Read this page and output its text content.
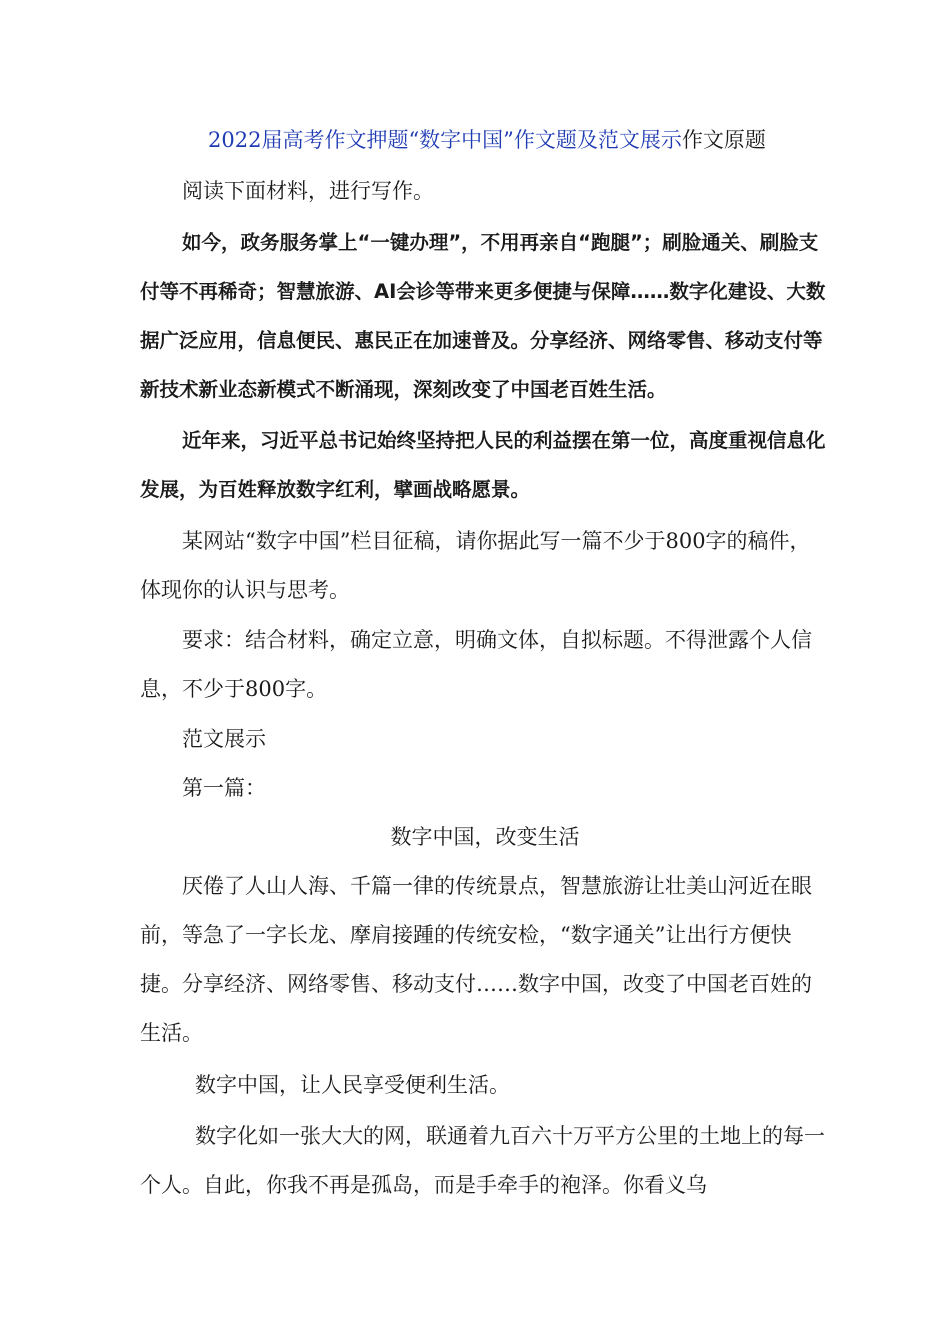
2022届高考作文押题“数字中国”作文题及范文展示作文原题

阅读下面材料，进行写作。

如今，政务服务掌上“一键办理”，不用再亲自“跑腿”；刷脸通关、刷脸支付等不再稀奇；智慧旅游、AI会诊等带来更多便捷与保障……数字化建设、大数据广泛应用，信息便民、惠民正在加速普及。分享经济、网络零售、移动支付等新技术新业态新模式不断涌现，深刻改变了中国老百姓生活。

近年来，习近平总书记始终坚持把人民的利益摆在第一位，高度重视信息化发展，为百姓释放数字红利，擘画战略愿景。

某网站“数字中国”栏目征稿，请你据此写一篇不少于800字的稿件，体现你的认识与思考。

要求：结合材料，确定立意，明确文体，自拟标题。不得泄露个人信息，不少于800字。

范文展示

第一篇：

数字中国，改变生活

厌倦了人山人海、千篇一律的传统景点，智慧旅游让壮美山河近在眼前，等急了一字长龙、摩肩接踵的传统安检，“数字通关”让出行方便快捷。分享经济、网络零售、移动支付……数字中国，改变了中国老百姓的生活。

数字中国，让人民享受便利生活。

数字化如一张大大的网，联通着九百六十万平方公里的土地上的每一个人。自此，你我不再是孤岛，而是手牵手的袍泽。你看义乌
